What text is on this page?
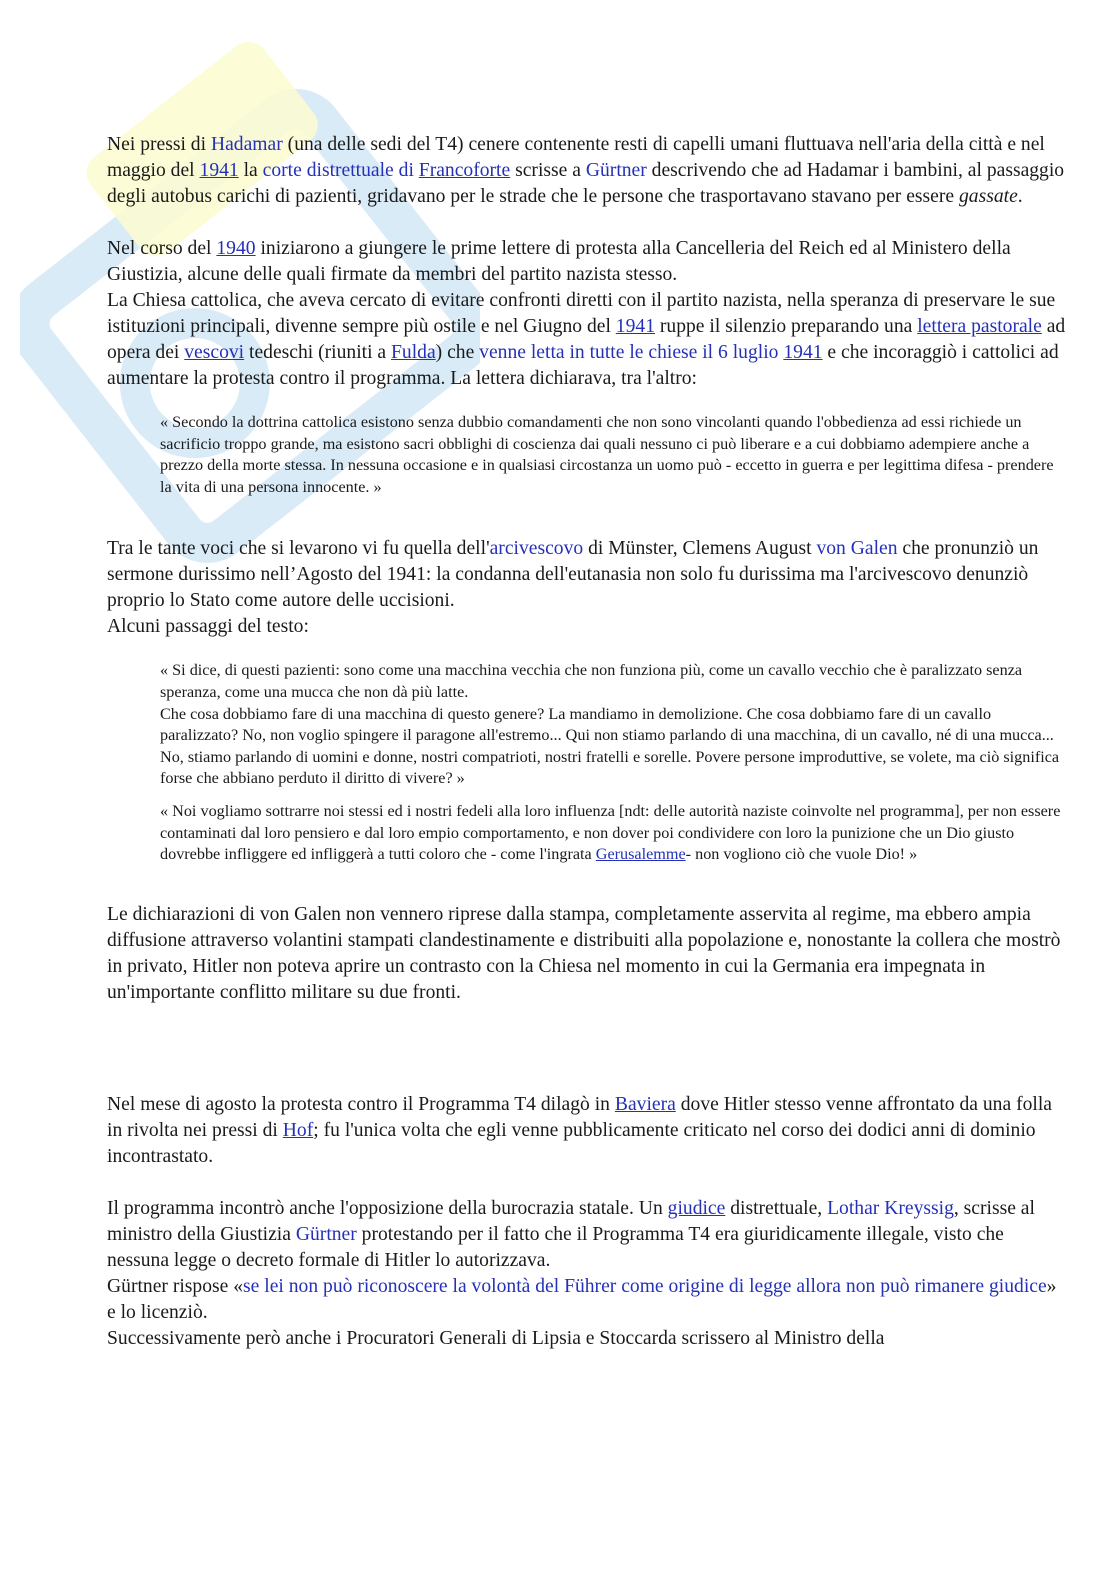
Nei pressi di Hadamar (una delle sedi del T4) cenere contenente resti di capelli umani fluttuava nell'aria della città e nel maggio del 1941 la corte distrettuale di Francoforte scrisse a Gürtner descrivendo che ad Hadamar i bambini, al passaggio degli autobus carichi di pazienti, gridavano per le strade che le persone che trasportavano stavano per essere gassate.

Nel corso del 1940 iniziarono a giungere le prime lettere di protesta alla Cancelleria del Reich ed al Ministero della Giustizia, alcune delle quali firmate da membri del partito nazista stesso.

La Chiesa cattolica, che aveva cercato di evitare confronti diretti con il partito nazista, nella speranza di preservare le sue istituzioni principali, divenne sempre più ostile e nel Giugno del 1941 ruppe il silenzio preparando una lettera pastorale ad opera dei vescovi tedeschi (riuniti a Fulda) che venne letta in tutte le chiese il 6 luglio 1941 e che incoraggiò i cattolici ad aumentare la protesta contro il programma. La lettera dichiarava, tra l'altro:

« Secondo la dottrina cattolica esistono senza dubbio comandamenti che non sono vincolanti quando l'obbedienza ad essi richiede un sacrificio troppo grande, ma esistono sacri obblighi di coscienza dai quali nessuno ci può liberare e a cui dobbiamo adempiere anche a prezzo della morte stessa. In nessuna occasione e in qualsiasi circostanza un uomo può - eccetto in guerra e per legittima difesa - prendere la vita di una persona innocente. »

Tra le tante voci che si levarono vi fu quella dell'arcivescovo di Münster, Clemens August von Galen che pronunziò un sermone durissimo nell’Agosto del 1941: la condanna dell'eutanasia non solo fu durissima ma l'arcivescovo denunziò proprio lo Stato come autore delle uccisioni.
Alcuni passaggi del testo:

« Si dice, di questi pazienti: sono come una macchina vecchia che non funziona più, come un cavallo vecchio che è paralizzato senza speranza, come una mucca che non dà più latte.

Che cosa dobbiamo fare di una macchina di questo genere? La mandiamo in demolizione. Che cosa dobbiamo fare di un cavallo paralizzato? No, non voglio spingere il paragone all'estremo... Qui non stiamo parlando di una macchina, di un cavallo, né di una mucca... No, stiamo parlando di uomini e donne, nostri compatrioti, nostri fratelli e sorelle. Povere persone improduttive, se volete, ma ciò significa forse che abbiano perduto il diritto di vivere? »

« Noi vogliamo sottrarre noi stessi ed i nostri fedeli alla loro influenza [ndt: delle autorità naziste coinvolte nel programma], per non essere contaminati dal loro pensiero e dal loro empio comportamento, e non dover poi condividere con loro la punizione che un Dio giusto dovrebbe infliggere ed infliggerà a tutti coloro che - come l'ingrata Gerusalemme- non vogliono ciò che vuole Dio! »

Le dichiarazioni di von Galen non vennero riprese dalla stampa, completamente asservita al regime, ma ebbero ampia diffusione attraverso volantini stampati clandestinamente e distribuiti alla popolazione e, nonostante la collera che mostrò in privato, Hitler non poteva aprire un contrasto con la Chiesa nel momento in cui la Germania era impegnata in un'importante conflitto militare su due fronti.

Nel mese di agosto la protesta contro il Programma T4 dilagò in Baviera dove Hitler stesso venne affrontato da una folla in rivolta nei pressi di Hof; fu l'unica volta che egli venne pubblicamente criticato nel corso dei dodici anni di dominio incontrastato.

Il programma incontrò anche l'opposizione della burocrazia statale. Un giudice distrettuale, Lothar Kreyssig, scrisse al ministro della Giustizia Gürtner protestando per il fatto che il Programma T4 era giuridicamente illegale, visto che nessuna legge o decreto formale di Hitler lo autorizzava.
Gürtner rispose «se lei non può riconoscere la volontà del Führer come origine di legge allora non può rimanere giudice» e lo licenziò.
Successivamente però anche i Procuratori Generali di Lipsia e Stoccarda scrissero al Ministro della
